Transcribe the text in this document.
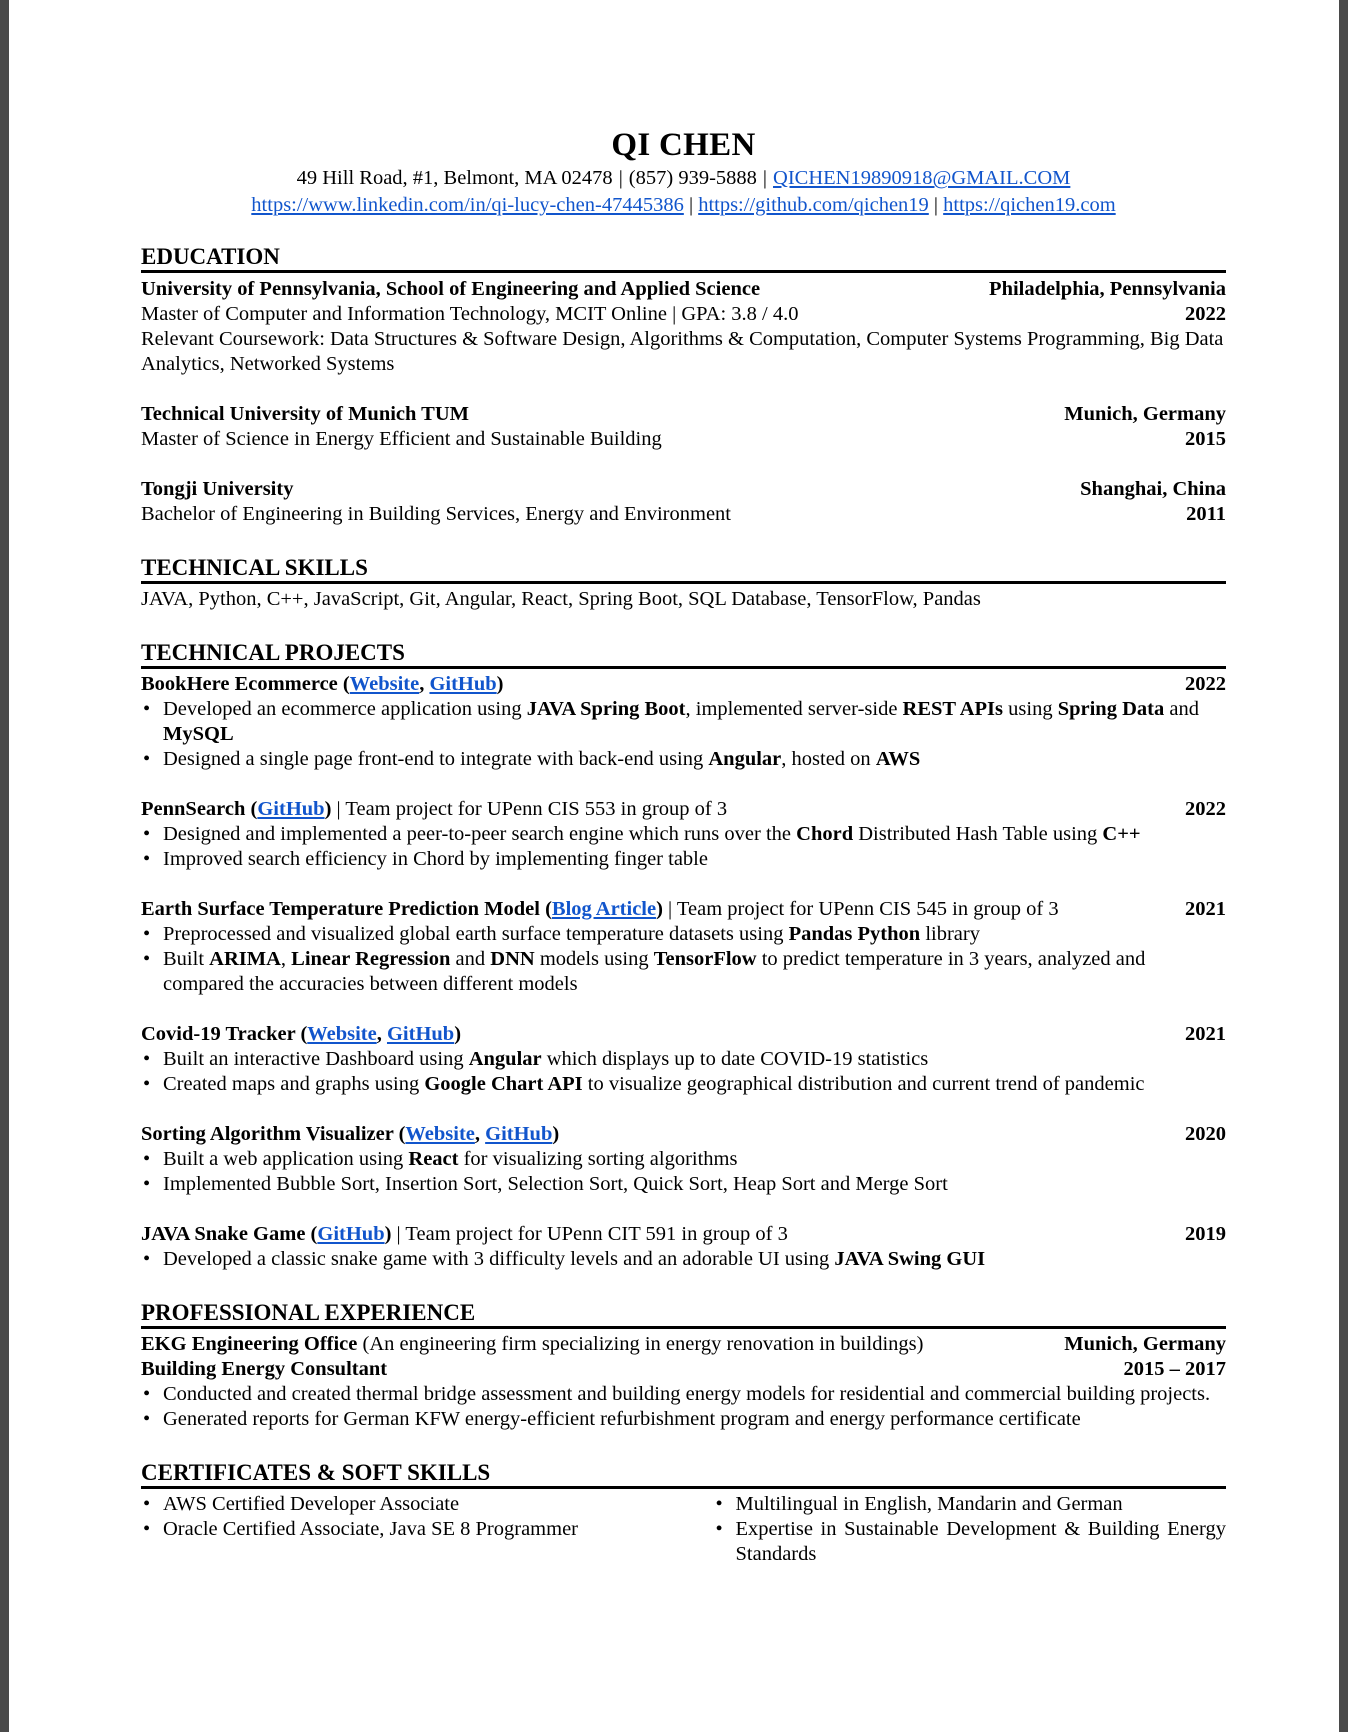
QI CHEN
49 Hill Road, #1, Belmont, MA 02478 | (857) 939-5888 | QICHEN19890918@GMAIL.COM
https://www.linkedin.com/in/qi-lucy-chen-47445386 | https://github.com/qichen19 | https://qichen19.com
EDUCATION
University of Pennsylvania, School of Engineering and Applied Science	Philadelphia, Pennsylvania
Master of Computer and Information Technology, MCIT Online | GPA: 3.8 / 4.0	2022
Relevant Coursework: Data Structures & Software Design, Algorithms & Computation, Computer Systems Programming, Big Data Analytics, Networked Systems
Technical University of Munich TUM	Munich, Germany
Master of Science in Energy Efficient and Sustainable Building	2015
Tongji University	Shanghai, China
Bachelor of Engineering in Building Services, Energy and Environment	2011
TECHNICAL SKILLS
JAVA, Python, C++, JavaScript, Git, Angular, React, Spring Boot, SQL Database, TensorFlow, Pandas
TECHNICAL PROJECTS
BookHere Ecommerce (Website, GitHub)	2022
• Developed an ecommerce application using JAVA Spring Boot, implemented server-side REST APIs using Spring Data and MySQL
• Designed a single page front-end to integrate with back-end using Angular, hosted on AWS
PennSearch (GitHub) | Team project for UPenn CIS 553 in group of 3	2022
• Designed and implemented a peer-to-peer search engine which runs over the Chord Distributed Hash Table using C++
• Improved search efficiency in Chord by implementing finger table
Earth Surface Temperature Prediction Model (Blog Article) | Team project for UPenn CIS 545 in group of 3	2021
• Preprocessed and visualized global earth surface temperature datasets using Pandas Python library
• Built ARIMA, Linear Regression and DNN models using TensorFlow to predict temperature in 3 years, analyzed and compared the accuracies between different models
Covid-19 Tracker (Website, GitHub)	2021
• Built an interactive Dashboard using Angular which displays up to date COVID-19 statistics
• Created maps and graphs using Google Chart API to visualize geographical distribution and current trend of pandemic
Sorting Algorithm Visualizer (Website, GitHub)	2020
• Built a web application using React for visualizing sorting algorithms
• Implemented Bubble Sort, Insertion Sort, Selection Sort, Quick Sort, Heap Sort and Merge Sort
JAVA Snake Game (GitHub) | Team project for UPenn CIT 591 in group of 3	2019
• Developed a classic snake game with 3 difficulty levels and an adorable UI using JAVA Swing GUI
PROFESSIONAL EXPERIENCE
EKG Engineering Office (An engineering firm specializing in energy renovation in buildings)	Munich, Germany
Building Energy Consultant	2015 – 2017
• Conducted and created thermal bridge assessment and building energy models for residential and commercial building projects.
• Generated reports for German KFW energy-efficient refurbishment program and energy performance certificate
CERTIFICATES & SOFT SKILLS
• AWS Certified Developer Associate
• Oracle Certified Associate, Java SE 8 Programmer
• Multilingual in English, Mandarin and German
• Expertise in Sustainable Development & Building Energy Standards
